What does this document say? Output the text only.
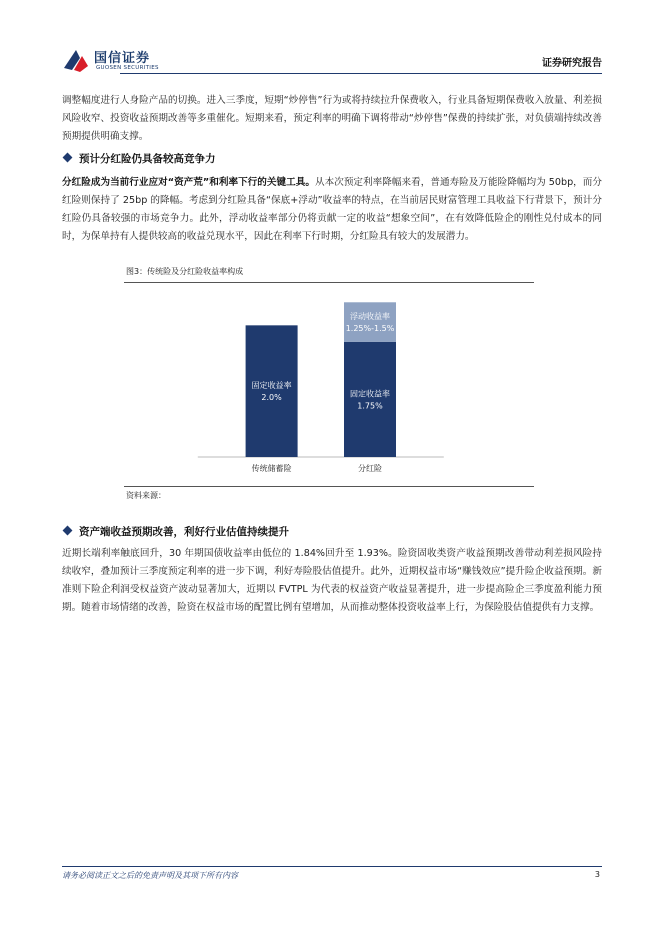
国信证券
GUOSEN SECURITIES	证券研究报告

调整幅度进行人身险产品的切换。进入三季度，短期“炒停售”行为或将持续拉升保费收入，行业具备短期保费收入放量、利差损风险收窄、投资收益预期改善等多重催化。短期来看，预定利率的明确下调将带动“炒停售”保费的持续扩张，对负债端持续改善预期提供明确支撑。

预计分红险仍具备较高竞争力

分红险成为当前行业应对“资产荒”和利率下行的关键工具。从本次预定利率降幅来看，普通寿险及万能险降幅均为 50bp，而分红险则保持了 25bp 的降幅。考虑到分红险具备“保底+浮动”收益率的特点，在当前居民财富管理工具收益下行背景下，预计分红险仍具备较强的市场竞争力。此外，浮动收益率部分仍将贡献一定的收益“想象空间”，在有效降低险企的刚性兑付成本的同时，为保单持有人提供较高的收益兑现水平，因此在利率下行时期，分红险具有较大的发展潜力。

图3：传统险及分红险收益率构成
固定收益率 2.0%
传统储蓄险
固定收益率 1.75%
浮动收益率 1.25%-1.5%
分红险
资料来源：
资产端收益预期改善，利好行业估值持续提升

近期长端利率触底回升，30 年期国债收益率由低位的 1.84%回升至 1.93%。险资固收类资产收益预期改善带动利差损风险持续收窄，叠加预计三季度预定利率的进一步下调，利好寿险股估值提升。此外，近期权益市场“赚钱效应”提升险企收益预期。新准则下险企利润受权益资产波动显著加大，近期以 FVTPL 为代表的权益资产收益显著提升，进一步提高险企三季度盈利能力预期。随着市场情绪的改善，险资在权益市场的配置比例有望增加，从而推动整体投资收益率上行，为保险股估值提供有力支撑。

请务必阅读正文之后的免责声明及其项下所有内容	3
